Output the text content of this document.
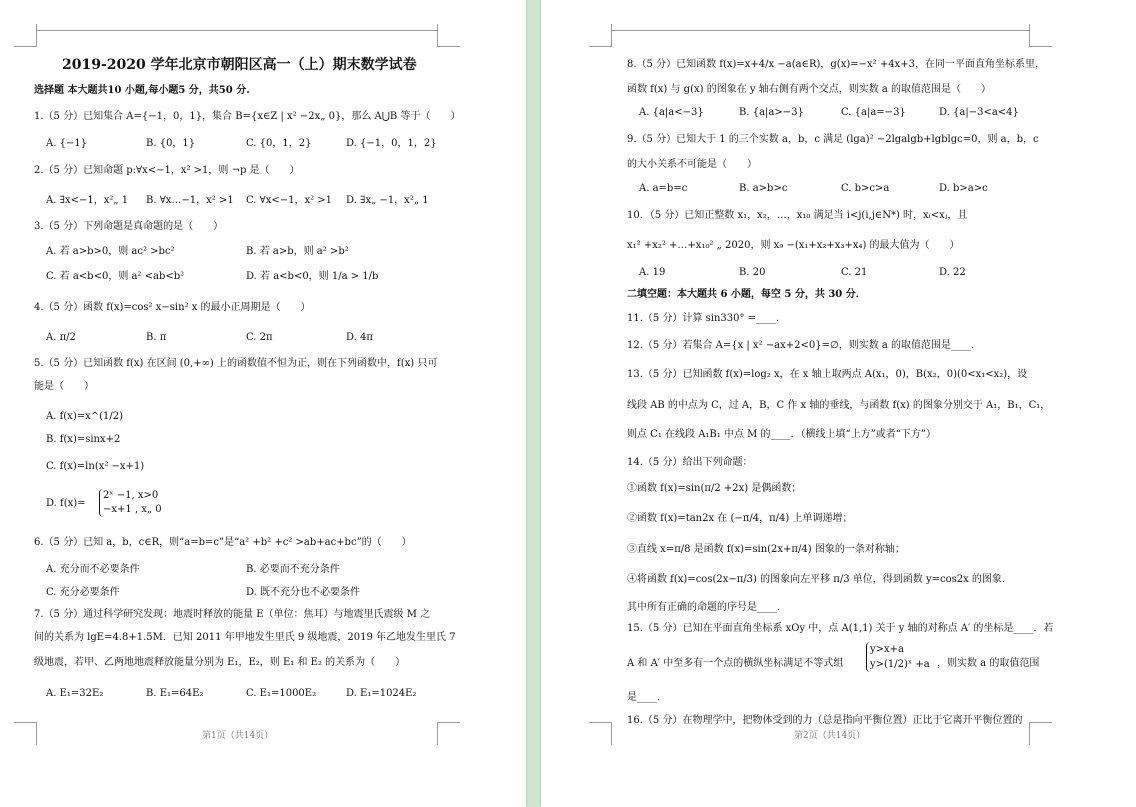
2019-2020 学年北京市朝阳区高一（上）期末数学试卷
选择题 本大题共10 小题,每小题5 分，共50 分.
1.（5 分）已知集合 A={−1，0，1}，集合 B={x∈Z | x² −2x„ 0}，那么 A⋃B 等于（　　）
A. {−1}	B. {0，1}	C. {0，1，2}	D. {−1，0，1，2}
2.（5 分）已知命题 p:∀x<−1，x² >1，则 ¬p 是（　　）
A. ∃x<−1，x²„ 1 B. ∀x…−1，x² >1 C. ∀x<−1，x² >1 D. ∃x„ −1，x²„ 1
3.（5 分）下列命题是真命题的是（　　）
A. 若 a>b>0，则 ac² >bc²	B. 若 a>b，则 a² >b²
C. 若 a<b<0，则 a² <ab<b²	D. 若 a<b<0，则 1/a > 1/b
4.（5 分）函数 f(x)=cos² x−sin² x 的最小正周期是（　　）
A. π/2	B. π	C. 2π	D. 4π
5.（5 分）已知函数 f(x) 在区间 (0,+∞) 上的函数值不恒为正，则在下列函数中，f(x) 只可
能是（　　）
A. f(x)=x^(1/2)
B. f(x)=sinx+2
C. f(x)=ln(x² −x+1)
D. f(x)=
2ˣ −1, x>0
−x+1 , x„ 0
6.（5 分）已知 a，b，c∈R，则“a=b=c”是“a² +b² +c² >ab+ac+bc”的（　　）
A. 充分而不必要条件	B. 必要而不充分条件
C. 充分必要条件	D. 既不充分也不必要条件
7.（5 分）通过科学研究发现：地震时释放的能量 E（单位：焦耳）与地震里氏震级 M 之
间的关系为 lgE=4.8+1.5M．已知 2011 年甲地发生里氏 9 级地震，2019 年乙地发生里氏 7
级地震，若甲、乙两地地震释放能量分别为 E₁，E₂，则 E₁ 和 E₂ 的关系为（　　）
A. E₁=32E₂	B. E₁=64E₂	C. E₁=1000E₂	D. E₁=1024E₂
第1页（共14页）
8.（5 分）已知函数 f(x)=x+4/x −a(a∈R)，g(x)=−x² +4x+3，在同一平面直角坐标系里，
函数 f(x) 与 g(x) 的图象在 y 轴右侧有两个交点，则实数 a 的取值范围是（　　）
A. {a|a<−3}	B. {a|a>−3}	C. {a|a=−3}	D. {a|−3<a<4}
9.（5 分）已知大于 1 的三个实数 a，b，c 满足 (lga)² −2lgalgb+lgblgc=0，则 a，b，c
的大小关系不可能是（　　）
A. a=b=c	B. a>b>c	C. b>c>a	D. b>a>c
10．（5 分）已知正整数 x₁，x₂，…，x₁₀ 满足当 i<j(i,j∈N*) 时，xᵢ<xⱼ，且
x₁² +x₂² +…+x₁₀² „ 2020，则 x₉ −(x₁+x₂+x₃+x₄) 的最大值为（　　）
A. 19	B. 20	C. 21	D. 22
二填空题：本大题共 6 小题，每空 5 分，共 30 分．
11.（5 分）计算 sin330° =____．
12.（5 分）若集合 A={x | x² −ax+2<0}=∅，则实数 a 的取值范围是____．
13.（5 分）已知函数 f(x)=log₂ x，在 x 轴上取两点 A(x₁，0)，B(x₂，0)(0<x₁<x₂)，设
线段 AB 的中点为 C，过 A，B，C 作 x 轴的垂线，与函数 f(x) 的图象分别交于 A₁，B₁，C₁，
则点 C₁ 在线段 A₁B₁ 中点 M 的____．（横线上填“上方”或者“下方”）
14.（5 分）给出下列命题：
①函数 f(x)=sin(π/2 +2x) 是偶函数；
②函数 f(x)=tan2x 在 (−π/4，π/4) 上单调递增；
③直线 x=π/8 是函数 f(x)=sin(2x+π/4) 图象的一条对称轴；
④将函数 f(x)=cos(2x−π/3) 的图象向左平移 π/3 单位，得到函数 y=cos2x 的图象．
其中所有正确的命题的序号是____．
15.（5 分）已知在平面直角坐标系 xOy 中，点 A(1,1) 关于 y 轴的对称点 A′ 的坐标是____．若
A 和 A′ 中至多有一个点的横纵坐标满足不等式组
y>x+a
y>(1/2)ˣ +a ，则实数 a 的取值范围
是____．
16.（5 分）在物理学中，把物体受到的力（总是指向平衡位置）正比于它离开平衡位置的
第2页（共14页）
